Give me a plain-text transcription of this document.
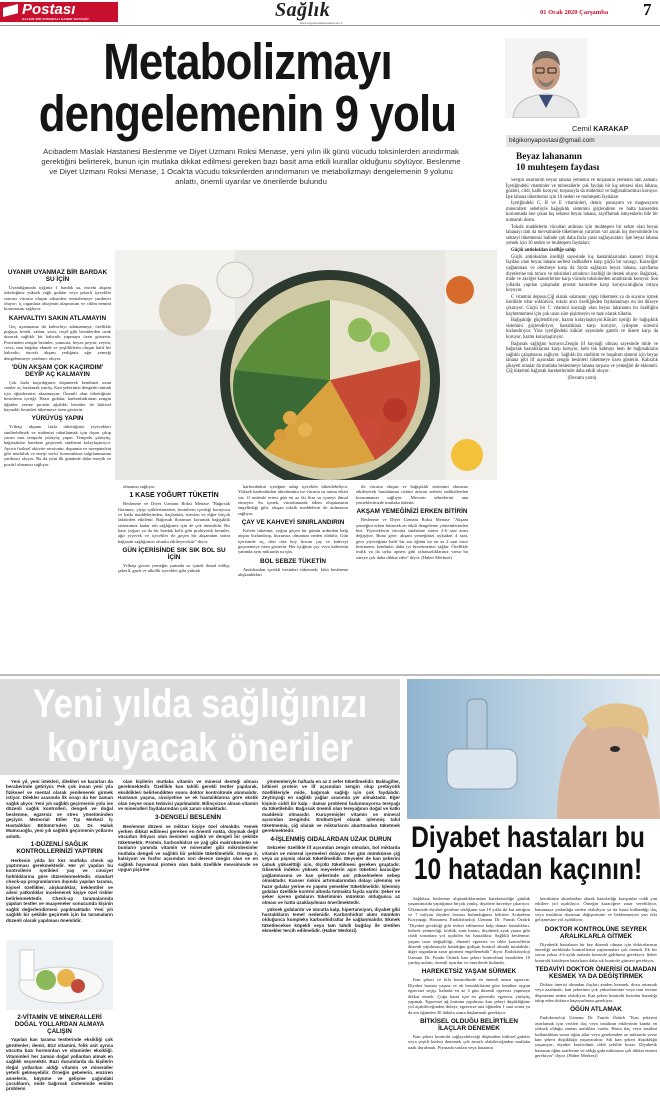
Postası
HALKIN BİR NUMARALI HABER KAYNAĞI	Sağlık
www.ozgurkocaelipostasi.com.tr
01 Ocak 2020 Çarşamba 7
Metabolizmayı
dengelemenin 9 yolu
Acıbadem Maslak Hastanesi Beslenme ve Diyet Uzmanı Roksi Menase, yeni yılın ilk günü vücudu toksinlerden arındırmak gerektiğini belirterek, bunun için mutlaka dikkat edilmesi gereken bazı basit ama etkili kurallar olduğunu söylüyor. Beslenme ve Diyet Uzmanı Roksi Menase, 1 Ocak'ta vücudu toksinlerden arındırmanın ve metabolizmayı dengelemenin 9 yolunu anlattı, önemli uyarılar ve önerilerde bulundu
UYANIR UYANMAZ BİR BARDAK SU İÇİN

Uyandığınızda içiğiniz 1 bardak su, önceki akşam tükettiğiniz yüksek yağlı gıdalar veya şekerli içecekler sonrası vücutta oluşan toksinleri temizlemeye yardımcı oluyor; iç organlara oksijenin ulaşmasını ve cildin nemini korumasını sağlıyor.

KAHVALTIYI SAKIN ATLAMAYIN

Geç uyanmanız da kahvaltıyı atlamamaya; özellikle poğaça, börek, salam, sosis, reçel gibi besinlerden uzak durarak sağlıklı bir kahvaltı yapmaya özen gösterin. Proteinden zengin besinler, yumurta, beyaz peynir, zeytin, ceviz, tam buğday ekmek ve yeşilliklerin oluşan hafif bir kahvaltı; önceki akşam yediğiniz ağır yemeği dengelenmeye yardımcı oluyor.

'DÜN AKŞAM ÇOK KAÇIRDIM' DEYİP AÇ KALMAYIN

Çok fazla kaçırdığınızı düşünerek kendinizi uzun saatler aç bırakmak yanlış. Kan şekerinizi dengede tutmak için öğünlerinizi aksatmayın. Önemli olan tükettiğiniz besinlerin içeriği. Hazır gıdalar, karbonhidrattan zengin öğünler yerine protein ağırlıklı besinler ile bitkisel kaynaklı besinleri tüketmeye özen gösterin.

YÜRÜYÜŞ YAPIN

Yılbaşı akşamı fazla tükettiğiniz yiyecekleri sindirebilmek ve midenizi rahatlatmak için dışarı çıkıp yarım saat tempolu yürüyüş yapın. Tempolu yürüyüş, bağırsakları harekete geçirerek sindirimi kolaylaştırıyor. Ayrıca fiziksel aktivite serotonin, dopamin ve norepinefrin gibi mutluluk ve enerji verici hormonların salgılanmasına yardımcı oluyor. Bu da yılın ilk gününde daha enerjik ve pozitif olmanızı sağlıyor.

olmanızı sağlıyor.

1 KASE YOĞURT TÜKETİN

Beslenme ve Diyet Uzmanı Roksi Menase "Bağırsak floramız; yiyip içtiklerimizden, besinlerin içerdiği koruyucu ve katkı maddelerinden, ilaçlardan, stresten ve diğer birçok faktörden etkilenir. Bağırsak floramızı korumak bağışıklık sistemimiz kadar ruh sağlığımız için de çok önemlidir. Bir kase yoğurt ya da bir bardak kefir gibi probiyotik besinler, ağır yiyecek ve içecekler ile geçen bir akşamdan sonra bağırsak sağlığımızı olumlu etkileyecektir" diyor.

GÜN İÇERİSİNDE SIK SIK BOL SU İÇİN

Yılbaşı gecesi yemeğin yanında su içmek ihmal edilip; şekerli, gazlı ve alkollü içecekler gibi yüksek

karbonhidrat içeriğine sahip içecekler tüketilebiliyor. Yüksek karbonhidrat tüketiminin ise vücutta su tutma etkisi var. O nedenle ertesi gün en az iki litre su içmeyi ihmal etmeyin. Su içmek, vücudunuzda ödem oluşmasının engellediği gibi, oluşan toksik maddelerin de atılmasını sağlıyor.

ÇAY VE KAHVEYİ SINIRLANDIRIN

Kafein tüketimi, yoğun geçen bir günün ardından kalp atışını hızlandırıp, huzursuz olmanıza neden olabilir. Gün içerisinde üç, dört orta boy fincan çay ve kahveyi geçmemeye özen gösterin. Her içtiğiniz çay veya kahvenin yanında aynı miktarda su için.

BOL SEBZE TÜKETİN

Antioksidan içerikli besinleri tüketmek; kötü beslenme alışkanlıkları

ile vücutta oluşan ve bağışıklık sistemini olumsuz etkileyerek hastalanma riskini artıran serbest radikallerden korunmanızı sağlıyor. Mevsim sebzelerini ana yemeklerinizde mutlaka tüketin.

AKŞAM YEMEĞİNİZİ ERKEN BİTİRİN

Beslenme ve Diyet Uzmanı Roksi Menase "Akşam yemeğini erken bitirmek en etkili dengeleme yöntemlerinden biri. Yiyeceklerin vücutta sindirime süresi 2-6 saat arası değişiyor. Buna göre; akşam yemeğinizi uykudan 4 saat, gece yiyeceğiniz hafif bir ara öğünü ise en az 2 saat önce bitirmeniz kendinizi daha iyi hissetmenizi sağlar. Özellikle trafik ya da uyku apnesi gibi rahatsızlıklarınız varsa bu süreye çok daha dikkat edin" diyor. (Haber Merkezi)

Cemil KARAKAP
bilgikonyapostasi@gmail.com
Beyaz lahananın
10 muhteşem faydası

Sevgili okurlarım beyaz lahana yemenin ve turşusunu yemenin tam zamanı. İçeriğindeki vitaminler ve minerallerle çok faydalı bir kış sebzesi olan lahana, gözleri, cildi, kalbi koruyor, turşusuyla da midemizi ve bağırsaklarımızı koruyor. İşte lahana tüketmeniz için 10 neden ve muhteşem faydaları

İçeriğindeki C, B ve E vitaminleri, demir, potasyum ve magnezyum minerallerı sebebiyle bağışıklık sistemini güçlendiren ve hatta kanserden korunmada öne çıkan kış sebzesi beyaz lahana, zayıflamak isteyenlerin bile bir numaralı dostu.

Toksik maddelerin vücuttan atılması için muhteşem bir sebze olan beyaz lahanayı tam da mevsiminde tüketmenin yararları var ancak kış mevsiminde bu sebzeyi tüketmeniz halinde çok daha fazla yarar sağlayacaktır. İşte beyaz lahana yemek için 10 neden ve muhteşem faydaları:

Güçlü antioksidan özelliğe sahip

Güçlü antioksidan özelliği sayesinde kış hastalıklarından kanseri birçok faydası olan beyaz lahana serbest radikallere karşı güçlü bir savaşçı. Karaciğer yağlanması ve obeziteye karşı da fayda sağlayan beyaz lahana, zayıflama diyetlerine tok tutucu ve toksinleri arındırıcı özelliği ile destek oluyor. Bağırsak, mide ve akciğer kanserlerine karşı vücudu toksinlerden arındırarak koruyor. Son yıllarda yapılan çalışmalar prostat kanserine karşı koruyuculuğunu ortaya koyuyor.

C vitamini deposu.Çiğ olarak salatasını yapıp tüketmek ya da suyunu içmek özellikle idrar söktürücü, toksin atıcı özelliğinden faydalanmayı en üst düzeye çıkarıyor. Güçlü bir C vitamini kaynağı olan beyaz lahananın bu özelliğini kaybetmemesi için çok uzun süre pişirmeyin ve taze olarak tüketin.

Bağışıklığı güçlendiriyor, hazmı kolaylaştırıyor.Kükürt içeriği ile bağışıklık sistemini güçlendiriyor, hastalıklara karşı koruyor, iyileşme süresini hızlandırıyor. Yine içeriğindeki kükürt sayesinde gastrit ve ülsere karşı da koruyor, hazmı kolaylaştırıyor.

Bağırsak sağlığını koruyor.Zengin lif kaynağı olması sayesinde mide ve bağırsak hastalıklarına karşı koruyor, hem tok kalmayı hem de bağırsakların sağlıklı çalışmasını sağlıyor. Sağlıklı bir sindirim ve boşaltım sistemi için beyaz lahana gibi lif açısından zengin besinleri tüketmeye özen gösterin. Kabızlık şikayeti olanlar da mutlaka beslenmeye lahana turşusu ve yemeğini de eklemeli. Çiğ tüketimi bağırsak hareketlerinde daha etkili oluyor.

(Devamı yarın)

Yeni yılda sağlığınızı
koruyacak öneriler

Yeni yıl, yeni istekleri, dilekleri ve kararları da beraberinde getiriyor. Pek çok insan yeni yıla fizikseel ve mental olarak yenilenerek girmek istiyor. Dilekler arasında ilk sırayı da her zaman sağlık alıyor. Yeni yılı sağlıklı geçirmenin yolu ise düzenli sağlık kontrolleri, dengeli ve doğal beslenme, egzersiz ve stres yönetiminden geçiyor. Memorial Etiler Tıp Merkezi İç Hastalıkları Bölümü'nden Uz. Dr. Haluk Mumcuoğlu, yeni yılı sağlıklı geçirmenin yollarını anlattı.

1-DÜZENLİ SAĞLIK KONTROLLERİNİZİ YAPTIRIN

Herkesin yılda bir kez mutlaka check up yaptırması gerekmektedir. Her yıl yapılan bu kontrollerin içerikleri yaş ve cinsiyet farklılıklarına göre düzenlenmektedir. standart check-up programlarının dışında yapılan tarama, kişisel özellikler, alışkanlıklar, beklentiler ve ailevi yatkınlıklar incelenerek kişiye özel riskler belirlenmektedir. Check-up taramalarında yapılan testler ve muayeneler sonucunda kişinin sağlık değerlendirmesi yapılmaktadır. Yeni yılı sağlıklı bir şekilde geçirmek için bu taramaların düzenli olarak yapılması önemlidir.

2-VİTAMİN VE MİNERALLERİ DOĞAL YOLLARDAN ALMAYA ÇALIŞIN

Yapılan kan tarama testlerinde eksikliği çok görülenler; demir, B12 vitamini, folik asit ayrıca vücutta bazı hormonları ve vitaminler eksikliği. Vitaminleri her zaman doğal yollardan almak en sağlıklı seçenektir. Bazı durumlarda da kişilerin doğal yollardan aldığı vitamin ve mineraller yeterli gelmeyebilir. Örneğin gebelerin, emziren annelerin, büyüme ve gelişme çağındaki çocukların, mide bağırsak sisteminde emilim problemi

olan kişilerin mutlaka vitamin ve mineral desteği alması gerekmektedir. Özellikle kan tahlili gerekli testler yapılarak, eksiklikleri belirlendikten sonra doktor kontrolünde alınmalıdır. Hastanın yaşına, cinsiyetine ve ek hastalıklarına göre ekstik olan neyse onun tedavisi yapılmalıdır. Bilinçsizce alınan vitamin ve mineralleri faydalarından çok zararı olmaktadır.

3-DENGELİ BESLENİN

Beslenme düzeni ve miktarı kişiye özel olmalıdır. Yemek yerken dikkat edilmesi gereken en önemli nokta, doymak değil vücudun ihtiyacı olan besinleri sağlıklı ve dengeli bir şekilde tüketmektir. Protein, karbonhidrat ve yağ gibi makrobesinler ve bunların yanında vitamin ve mineraller gibi mikrobesinler mutlaka dengeli ve sağlıklı bir şekilde tüketilmelidir. Omega 3, kalsiyum ve fosfor açısından son derece zengin olan ve en sağlıklı hayvansal protein olan balık özellikle mevsiminde ve uygun pişirme

yöntemleriyle haftada en az 2 sefer tüketilmelidir. Baklagiller, bitkisel protein ve lif açısından zengin olup prebiyotik özellikleriyle mide, bağırsak sağlığı için çok faydalıdır. Zeytinyağı en sağlıklı yağlar arasında yer almaktadır. Eğer kişinin ciddi bir kalp - damar problemi bulunmuyorsa tereyağı da tüketilebilir. Bağırsak önemli olan tereyağının doğal ve katkı maddesiz olmasıdır. Kuruyemişler vitamin ve mineral açısından zengindir. Endüstriyel olarak işlenmiş tahıl tüketmemiş, çiğ olarak ve miktarlarını abartmadan tüketmek gerekmektedir.

4-İŞLENMİŞ GIDALARDAN UZAK DURUN

Sebzeler özellikle lif açısından zengin olmaları, bol miktarda vitamin ve mineral içermeleri dolayısı her gün mümkünse çiğ veya az pişmiş olarak tüketilmelidir. Meyveler de kan şekerini çabuk yükselttiği için, ölçülü tüketilmesi gereken gruptadır. Glisemik indeksi yüksek meyvelerin aşırı tüketimi karaciğer yağlanmasına ve kan şekerinde ani yükselmelere sebep olmaktadır. Kanser riskini artırmalarından dolayı işlenmiş ve hazır gıdalar yerine ev yapımı yemekler tüketilmelidir. İşlenmiş gıdaları özellikle kontrol altında tutmakta fayda vardır. Şeker ve şeker içeren gıdaların tüketiminin mümkün olduğunca az olması ve hatta uzaklaşılması önerilmektedir.

yüksek gıdalardır ve vücutta kalp, hipertansiyon, diyabet gibi hastalıkların temel nedenidir. Karbonhidrat alımı mümkün olduğunca kompleks karbonhidratlar ile sağlanmalıdır. Ekmek tüketilecekse köpekli veya tam tahıllı buğday ile üretilen ekmekler tercih edilmelidir. (Haber Merkezi)

Diyabet hastaları bu
10 hatadan kaçının!

Sağlıksız beslenme alışkanlıklarından hareketsizliğe günlük yaşantımızda yaptığımız birçok yanlış, diyabete davetiye çıkarıyor. Ülkemizde diyabet görülme sıklığının son 10 yılda iki kat arttığını ve 7 milyon diyabet hastası bulunduğunu belirten Acıbadem Kozyatağı Hastanesi Endokrinoloji Uzmanı Dr. Funda Öztürk "Diyabet gerektiği gibi tedavi edilmezse kalp damar hastalıkları, böbrek yetmezliği, körlük, sinir hasarı, diyabetik ayak yarası gibi ciddi sorunlara yol açabilen bir hastalıktır. Sağlıklı beslenme, yaşam tarzı değişikliği, düzenli egzersiz ve tıbbi kontrollerin düzenli yapılmasıyla hastalığın gidişatı kontrol altında tutulabilir; diğer organların zarar görmesi engellenebilir" diyor. Endokrinoloji Uzmanı Dr. Funda Öztürk kan şekeri kontrolünü bozabilen 10 yanlışı anlattı, önemli uyarılar ve önerilerde bulundu.

HAREKETSİZ YAŞAM SÜRMEK

Kan şekeri ve kilo kontrolünde en önemli unsur egzersiz. Diyabet hastası yaşına ve ek hastalıklarına göre kendine uygun egzersizi seçip, haftada en az 3 gün düzenli egzersiz yapmaya dikkat etmeli. Çoğu hasta için en güvenilir egzersiz yürüyüş yapmak. Egzersizi ağ karnına yapılması kan şekeri düşüklüğüne yol açabileceğinden dolayı; egzersize ana öğünden 1 saat sonra ya da ara öğünden 30 dakika sonra başlanmalı gerekiyor.

BİTKİSEL OLDUĞU BELİRTİLEN İLAÇLAR DENEMEK

Kan şekeri kontrolü sağlayabileceği düşünülen bitkisel gıdalar veya çeşitli kürleri denemek çok zararlı olabileceğinden mutlaka uzak durulmalı. Piyasada satılan veya hastanın

kendisinin aktarlardan alarak hazırladığı karışımlar ciddi yan etkilere yol açabiliyor. Örneğin karaciğere zarar verebiliyor, kanamaya yatkınlığa neden olabiliyor ya da hasta kullandığı ilaç veya insülinin dozunun değişmesine ve beklenmeyen yan etki gelişmesine yol açabiliyor.

DOKTOR KONTROLÜNE SEYREK ARALIKLARLA GİTMEK

Diyabetik hastaların bir kez düzenli olması için doktorlarının önerdiği aralıklarla kontrollerini yaptırmaları çok önemli. Ek bir sorun yoksa 4-6 aylık aralarla kontrole gidilmesi gerekiyor. Şeker kontrolü kötüleşen hastaların daha sık kontrole gitmesi gerekiyor.

TEDAVİYİ DOKTOR ÖNERİSİ OLMADAN KESMEK YA DA DEĞİŞTİRMEK

Doktor önerisi olmadan ilaçları aniden kesmek, dozu artırmak veya azaltmak; kan şekerinin çok yükselmesine veya tam tersine düşmesine neden olabiliyor. Kan şekeri kontrolü bozulan hastalığı takip eden doktora başvurulması gerekiyor.

ÖĞÜN ATLAMAK

Endokrinoloji Uzmanı Dr. Funda Öztürk "Kan şekerini ayarlamak için verilen ilaç veya insülinin etkilerinin kanda en yüksek olduğu zaman aralıkları vardır. Hasta ilaç veya insülini kullandıktan sonra öğün atlar veya gerekenden az miktarda yerse kan şekeri düşüklüğü yaşayacaktır. Sık kan şekeri düşüklüğü yaşanıyor; diyabet kontrolünü ciddi şekilde bozar. Diyabetik hastanın öğün saatlerine ve aldığı gıda miktarına çok dikkat etmesi gerekiyor" diyor. (Haber Merkezi)
